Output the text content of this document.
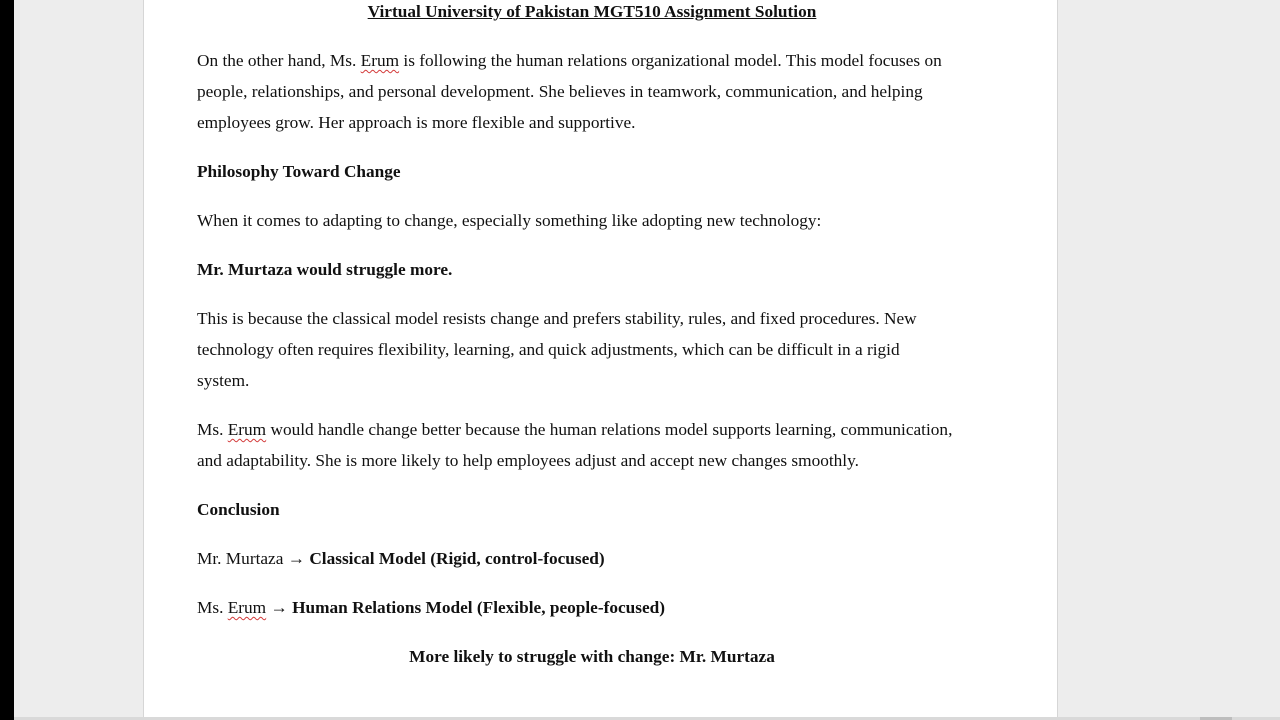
Virtual University of Pakistan MGT510 Assignment Solution

On the other hand, Ms. Erum is following the human relations organizational model. This model focuses on

people, relationships, and personal development. She believes in teamwork, communication, and helping

employees grow. Her approach is more flexible and supportive.

Philosophy Toward Change

When it comes to adapting to change, especially something like adopting new technology:

Mr. Murtaza would struggle more.

This is because the classical model resists change and prefers stability, rules, and fixed procedures. New

technology often requires flexibility, learning, and quick adjustments, which can be difficult in a rigid

system.

Ms. Erum would handle change better because the human relations model supports learning, communication,

and adaptability. She is more likely to help employees adjust and accept new changes smoothly.

Conclusion

Mr. Murtaza → Classical Model (Rigid, control-focused)

Ms. Erum → Human Relations Model (Flexible, people-focused)

More likely to struggle with change: Mr. Murtaza
